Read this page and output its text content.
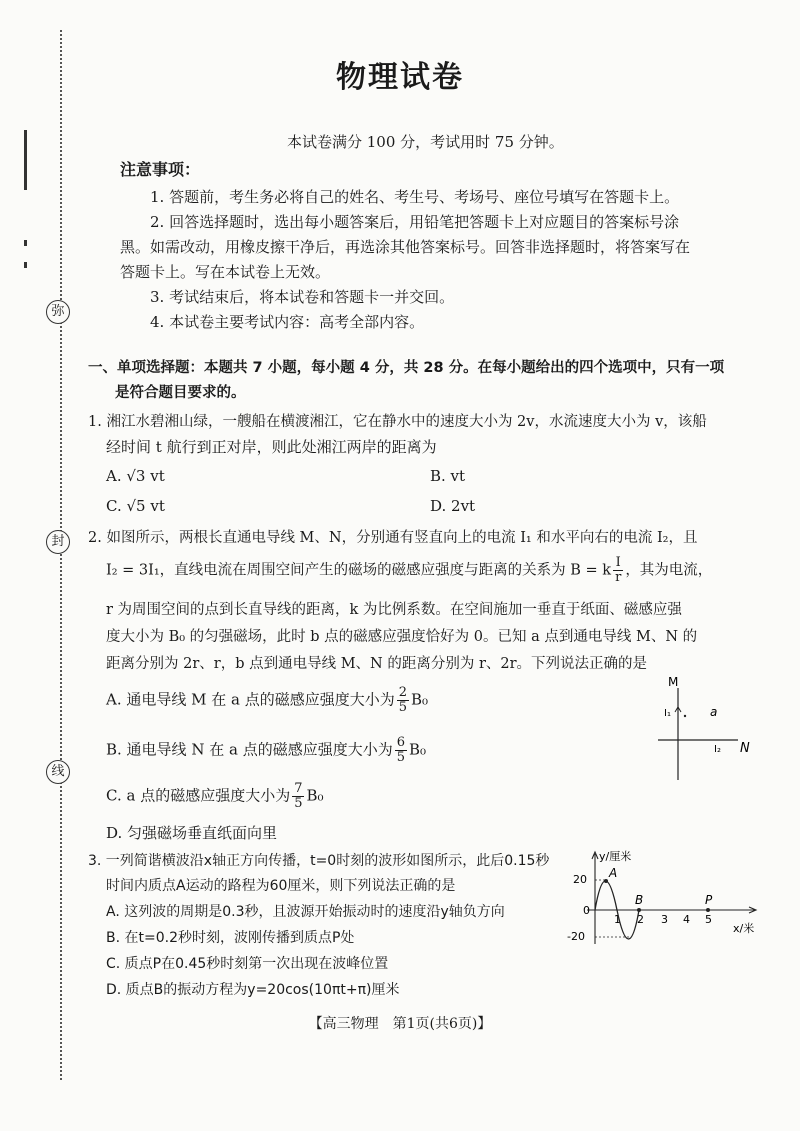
弥
封
线
物理试卷
本试卷满分 100 分，考试用时 75 分钟。
注意事项：
1. 答题前，考生务必将自己的姓名、考生号、考场号、座位号填写在答题卡上。
2. 回答选择题时，选出每小题答案后，用铅笔把答题卡上对应题目的答案标号涂
黑。如需改动，用橡皮擦干净后，再选涂其他答案标号。回答非选择题时，将答案写在
答题卡上。写在本试卷上无效。
3. 考试结束后，将本试卷和答题卡一并交回。
4. 本试卷主要考试内容：高考全部内容。
一、单项选择题：本题共 7 小题，每小题 4 分，共 28 分。在每小题给出的四个选项中，只有一项
是符合题目要求的。
1. 湘江水碧湘山绿，一艘船在横渡湘江，它在静水中的速度大小为 2v，水流速度大小为 v，该船
经时间 t 航行到正对岸，则此处湘江两岸的距离为
A. √3 vt	B. vt
C. √5 vt	D. 2vt
2. 如图所示，两根长直通电导线 M、N，分别通有竖直向上的电流 I₁ 和水平向右的电流 I₂，且
I₂ = 3I₁，直线电流在周围空间产生的磁场的磁感应强度与距离的关系为 B = k $\frac{I}{r}$ ，其为电流，
r 为周围空间的点到长直导线的距离，k 为比例系数。在空间施加一垂直于纸面、磁感应强
度大小为 B₀ 的匀强磁场，此时 b 点的磁感应强度恰好为 0。已知 a 点到通电导线 M、N 的
距离分别为 2r、r，b 点到通电导线 M、N 的距离分别为 r、2r。下列说法正确的是
A. 通电导线 M 在 a 点的磁感应强度大小为 $\frac{2}{5} B_0$
B. 通电导线 N 在 a 点的磁感应强度大小为 $\frac{6}{5} B_0$
C. a 点的磁感应强度大小为 $\frac{7}{5} B_0$
D. 匀强磁场垂直纸面向里
M
N
I₁
I₂
a
3. 一列简谐横波沿x轴正方向传播，t=0时刻的波形如图所示，此后0.15秒
时间内质点A运动的路程为60厘米，则下列说法正确的是
A. 这列波的周期是0.3秒，且波源开始振动时的速度沿y轴负方向
B. 在t=0.2秒时刻，波刚传播到质点P处
C. 质点P在0.45秒时刻第一次出现在波峰位置
D. 质点B的振动方程为y=20cos(10πt+π)厘米
y/厘米
x/米
20
0
-20
1 2 3 4 5
A
B	P
【高三物理　第1页(共6页)】
